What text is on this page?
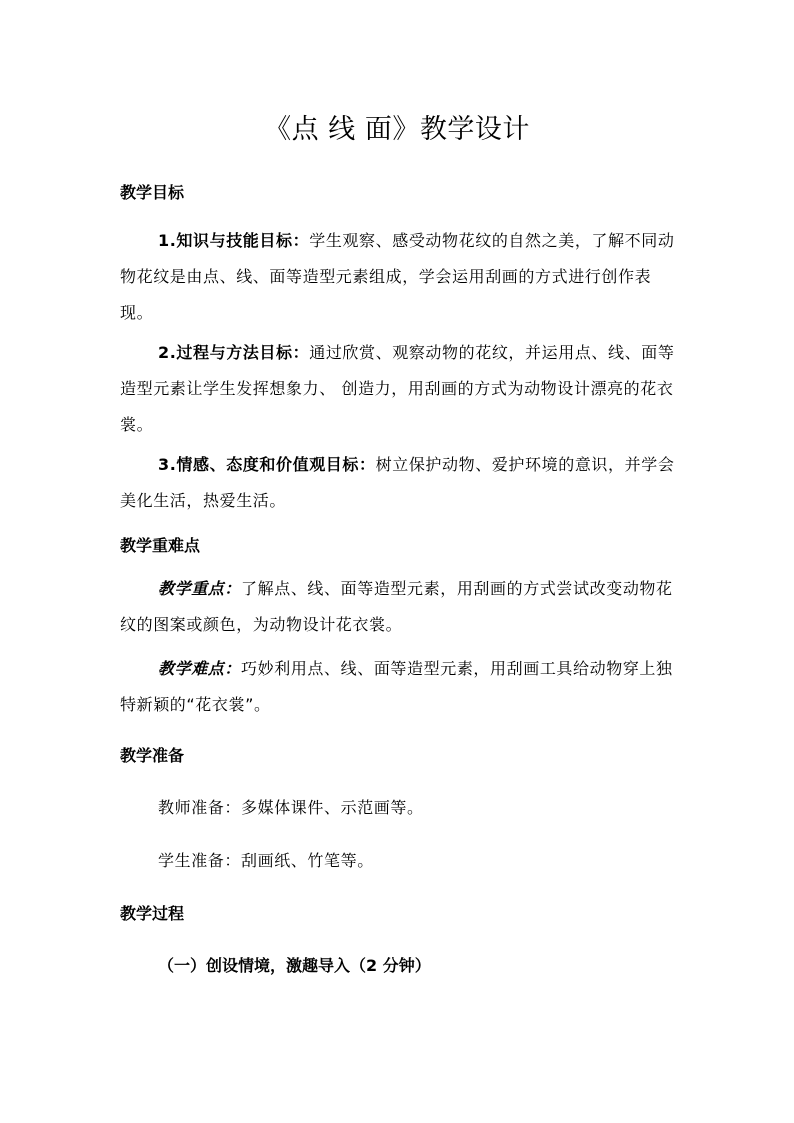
《点 线 面》教学设计
教学目标
1.知识与技能目标：学生观察、感受动物花纹的自然之美，了解不同动物花纹是由点、线、面等造型元素组成，学会运用刮画的方式进行创作表现。
2.过程与方法目标：通过欣赏、观察动物的花纹，并运用点、线、面等造型元素让学生发挥想象力、 创造力，用刮画的方式为动物设计漂亮的花衣裳。
3.情感、态度和价值观目标：树立保护动物、爱护环境的意识，并学会美化生活，热爱生活。
教学重难点
教学重点：了解点、线、面等造型元素，用刮画的方式尝试改变动物花纹的图案或颜色，为动物设计花衣裳。
教学难点：巧妙利用点、线、面等造型元素，用刮画工具给动物穿上独特新颖的“花衣裳”。
教学准备
教师准备：多媒体课件、示范画等。
学生准备：刮画纸、竹笔等。
教学过程
（一）创设情境，激趣导入（2 分钟）
